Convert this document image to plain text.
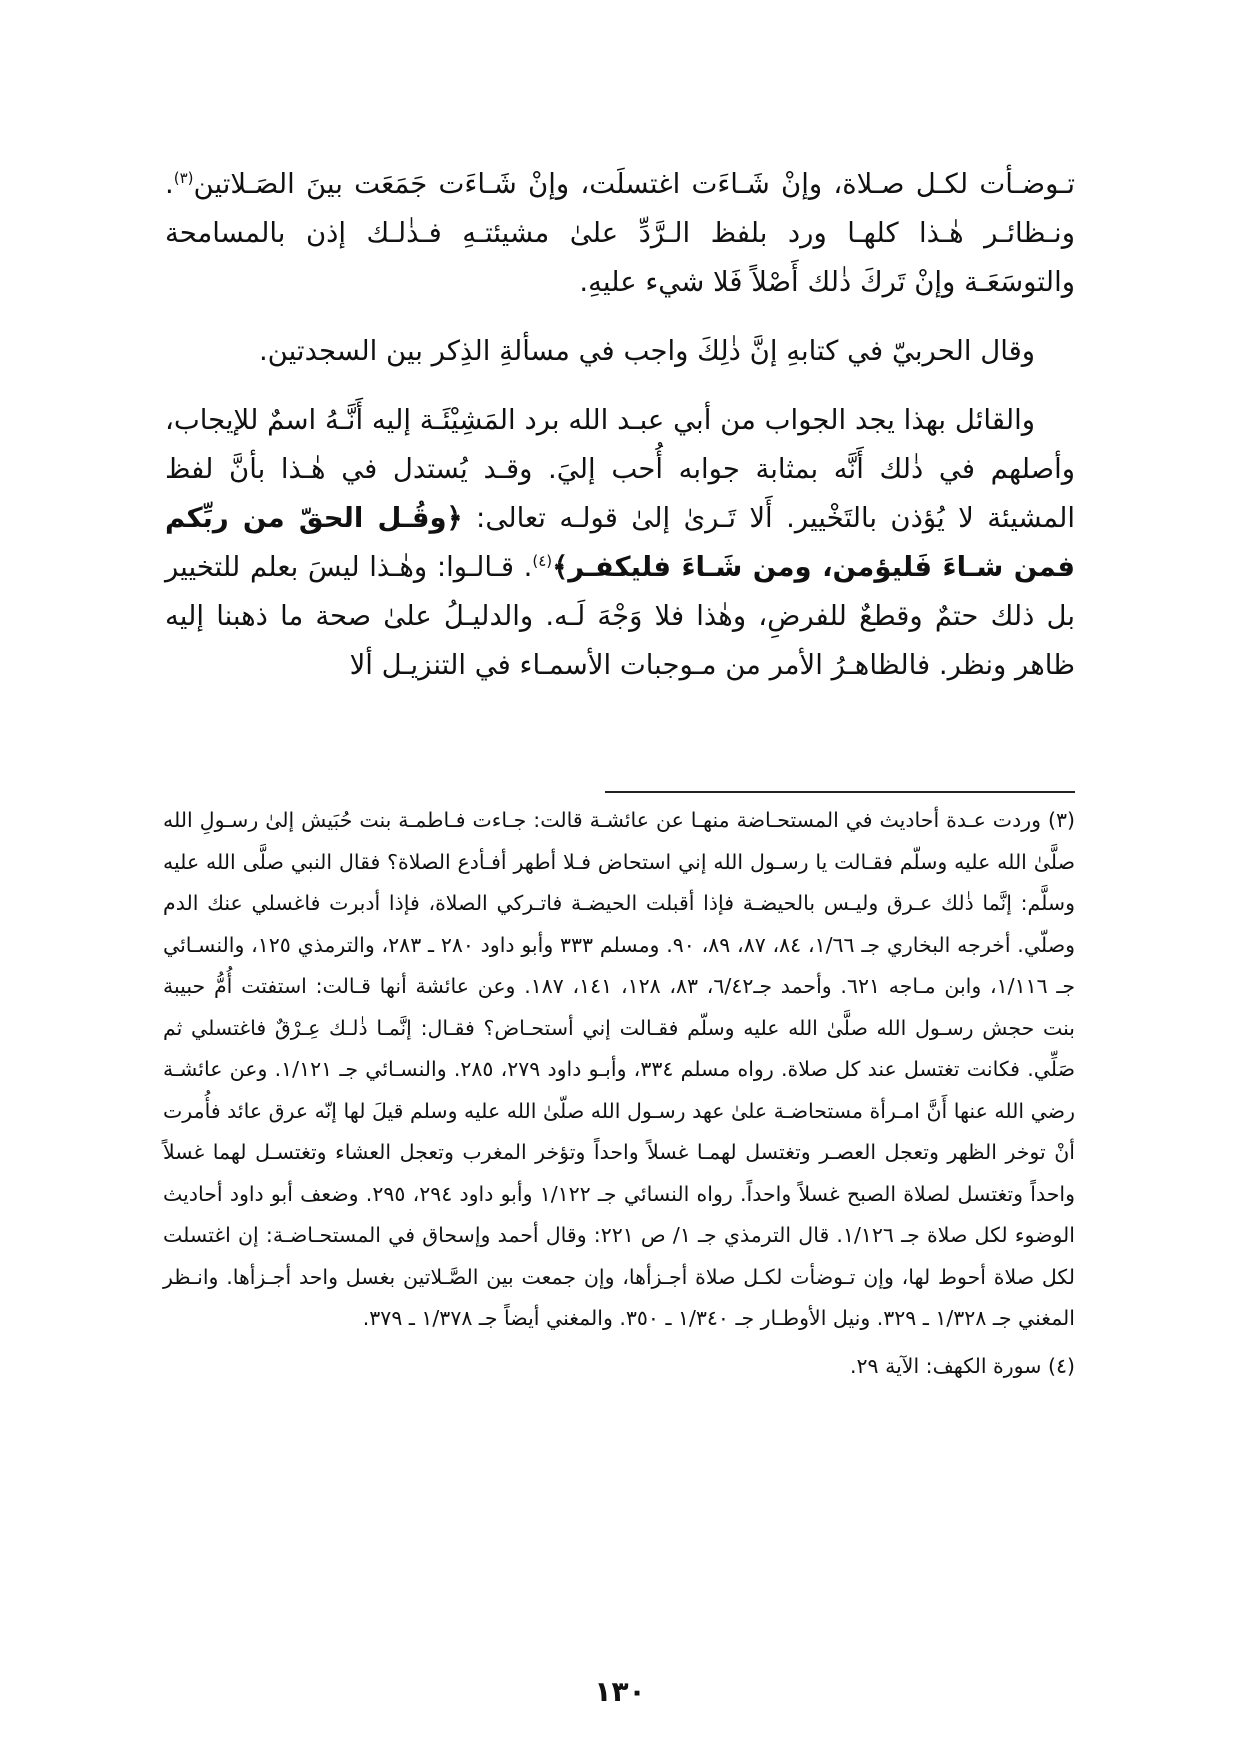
تـوضـأت لكـل صـلاة، وإنْ شَـاءَت اغتسلَت، وإنْ شَـاءَت جَمَعَت بينَ الصَـلاتين$^{(٣)}$. ونـظائـر هٰـذا كلهـا ورد بلفظ الـرَّدِّ علىٰ مشيئتـهِ فـذٰلـك إذن بالمسامحة والتوسَعَـة وإنْ تَركَ ذٰلك أَصْلاً فَلا شيء عليهِ.

وقال الحربيّ في كتابهِ إنَّ ذٰلِكَ واجب في مسألةِ الذِكر بين السجدتين.

والقائل بهذا يجد الجواب من أبي عبـد الله برد المَشِيْئَـة إليه أَنَّـهُ اسمٌ للإيجاب، وأصلهم في ذٰلك أَنَّه بمثابة جوابه أُحب إليَ. وقـد يُستدل في هٰـذا بأنَّ لفظ المشيئة لا يُؤذن بالتَخْيير. أَلا تَـرىٰ إلىٰ قولـه تعالى: ﴿وقُـل الحقّ من ربِّكم فمن شـاءَ فَليؤمن، ومن شَـاءَ فليكفـر﴾$^{(٤)}$. قـالـوا: وهٰـذا ليسَ بعلم للتخيير بل ذلك حتمٌ وقطعٌ للفرضِ، وهٰذا فلا وَجْهَ لَـه. والدليـلُ علىٰ صحة ما ذهبنا إليه ظاهر ونظر. فالظاهـرُ الأمر من مـوجبات الأسمـاء في التنزيـل ألا

(٣) وردت عـدة أحاديث في المستحـاضة منهـا عن عائشـة قالت: جـاءت فـاطمـة بنت حُبَيش إلىٰ رسـولِ الله صلَّىٰ الله عليه وسلّم فقـالت يا رسـول الله إني استحاض فـلا أطهر أفـأدع الصلاة؟ فقال النبي صلَّى الله عليه وسلَّم: إنَّما ذٰلك عـرق وليـس بالحيضـة فإذا أقبلت الحيضـة فاتـركي الصلاة، فإذا أدبرت فاغسلي عنك الدم وصلّي. أخرجه البخاري جـ ١/٦٦، ٨٤، ٨٧، ٨٩، ٩٠. ومسلم ٣٣٣ وأبو داود ٢٨٠ ـ ٢٨٣، والترمذي ١٢٥، والنسـائي جـ ١/١١٦، وابن مـاجه ٦٢١. وأحمد جـ٦/٤٢، ٨٣، ١٢٨، ١٤١، ١٨٧. وعن عائشة أنها قـالت: استفتت أُمُّ حبيبة بنت حجش رسـول الله صلَّىٰ الله عليه وسلّم فقـالت إني أستحـاض؟ فقـال: إنَّمـا ذٰلـك عِـرْقٌ فاغتسلي ثم صَلِّي. فكانت تغتسل عند كل صلاة. رواه مسلم ٣٣٤، وأبـو داود ٢٧٩، ٢٨٥. والنسـائي جـ ١/١٢١. وعن عائشـة رضي الله عنها أَنَّ امـرأة مستحاضـة علىٰ عهد رسـول الله صلّىٰ الله عليه وسلم قيلَ لها إنّه عرق عائد فأُمرت أنْ توخر الظهر وتعجل العصـر وتغتسل لهمـا غسلاً واحداً وتؤخر المغرب وتعجل العشاء وتغتسـل لهما غسلاً واحداً وتغتسل لصلاة الصبح غسلاً واحداً. رواه النسائي جـ ١/١٢٢ وأبو داود ٢٩٤، ٢٩٥. وضعف أبو داود أحاديث الوضوء لكل صلاة جـ ١/١٢٦. قال الترمذي جـ ١/ ص ٢٢١: وقال أحمد وإسحاق في المستحـاضـة: إن اغتسلت لكل صلاة أحوط لها، وإن تـوضأت لكـل صلاة أجـزأها، وإن جمعت بين الصَّـلاتين بغسل واحد أجـزأها. وانـظر المغني جـ ١/٣٢٨ ـ ٣٢٩. ونيل الأوطـار جـ ١/٣٤٠ ـ ٣٥٠. والمغني أيضاً جـ ١/٣٧٨ ـ ٣٧٩.

(٤) سورة الكهف: الآية ٢٩.

١٣٠
